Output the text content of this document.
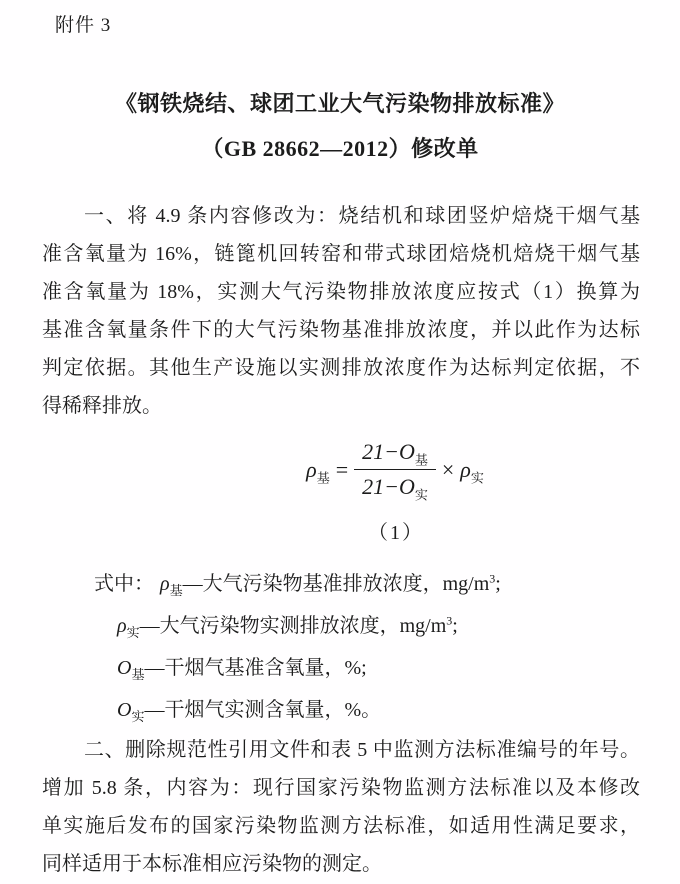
附件 3
《钢铁烧结、球团工业大气污染物排放标准》
（GB 28662—2012）修改单
一、将 4.9 条内容修改为：烧结机和球团竖炉焙烧干烟气基
准含氧量为 16%，链篦机回转窑和带式球团焙烧机焙烧干烟气基
准含氧量为 18%，实测大气污染物排放浓度应按式（1）换算为
基准含氧量条件下的大气污染物基准排放浓度，并以此作为达标
判定依据。其他生产设施以实测排放浓度作为达标判定依据，不
得稀释排放。
$\rho_基 = \frac{21-O_基}{21-O_实} \times \rho_实$
（1）
式中： $\rho_基—$大气污染物基准排放浓度，$mg/m^3$;
$\rho_实—$大气污染物实测排放浓度，$mg/m^3$;
$O_基—$干烟气基准含氧量，%;
$O_实—$干烟气实测含氧量，%。
二、删除规范性引用文件和表 5 中监测方法标准编号的年号。
增加 5.8 条，内容为：现行国家污染物监测方法标准以及本修改
单实施后发布的国家污染物监测方法标准，如适用性满足要求，
同样适用于本标准相应污染物的测定。
